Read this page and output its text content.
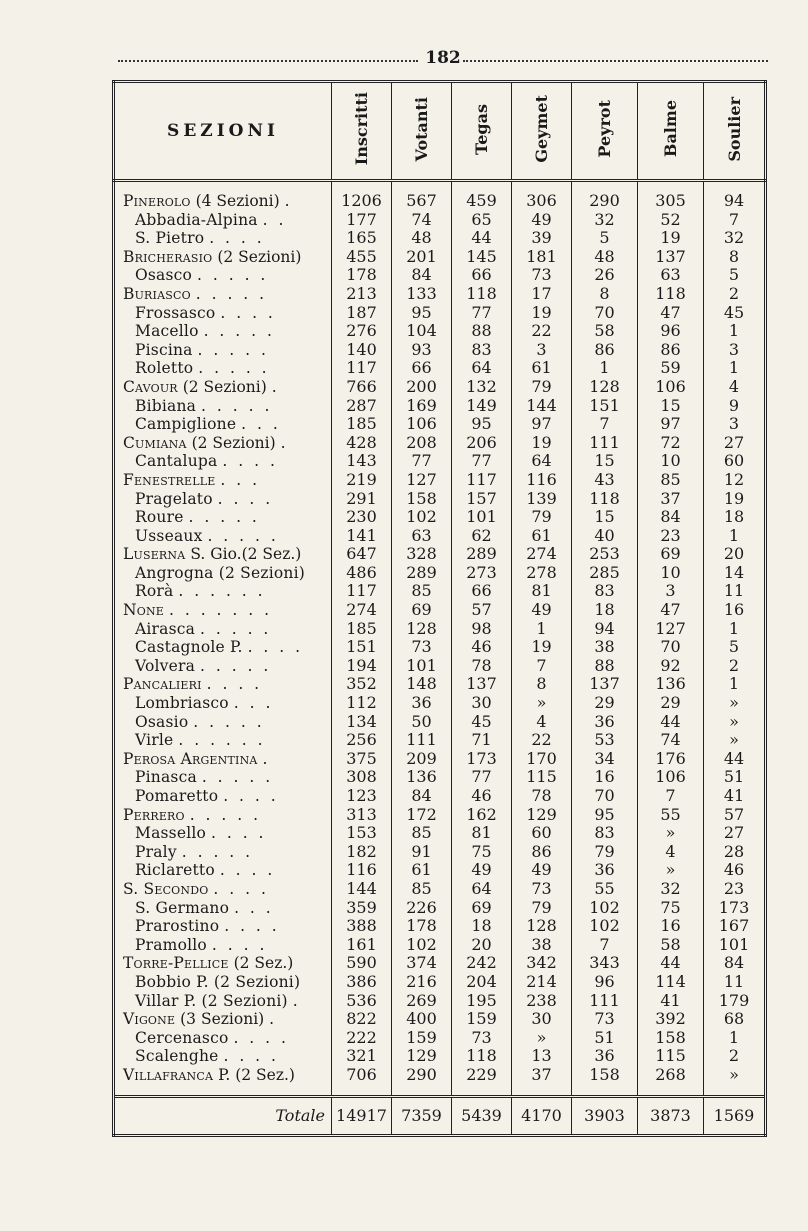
182
SEZIONI	Inscritti	Votanti	Tegas	Geymet	Peyrot	Balme	Soulier
Pinerolo (4 Sezioni) .	1206	567	459	306	290	305	94
Abbadia-Alpina . .	177	74	65	49	32	52	7
S. Pietro . . . .	165	48	44	39	5	19	32
Bricherasio (2 Sezioni)	455	201	145	181	48	137	8
Osasco . . . . .	178	84	66	73	26	63	5
Buriasco . . . . .	213	133	118	17	8	118	2
Frossasco . . . .	187	95	77	19	70	47	45
Macello . . . . .	276	104	88	22	58	96	1
Piscina . . . . .	140	93	83	3	86	86	3
Roletto . . . . .	117	66	64	61	1	59	1
Cavour (2 Sezioni) .	766	200	132	79	128	106	4
Bibiana . . . . .	287	169	149	144	151	15	9
Campiglione . . .	185	106	95	97	7	97	3
Cumiana (2 Sezioni) .	428	208	206	19	111	72	27
Cantalupa . . . .	143	77	77	64	15	10	60
Fenestrelle . . .	219	127	117	116	43	85	12
Pragelato . . . .	291	158	157	139	118	37	19
Roure . . . . .	230	102	101	79	15	84	18
Usseaux . . . . .	141	63	62	61	40	23	1
Luserna S. Gio.(2 Sez.)	647	328	289	274	253	69	20
Angrogna (2 Sezioni)	486	289	273	278	285	10	14
Rorà . . . . . .	117	85	66	81	83	3	11
None . . . . . . .	274	69	57	49	18	47	16
Airasca . . . . .	185	128	98	1	94	127	1
Castagnole P. . . . .	151	73	46	19	38	70	5
Volvera . . . . .	194	101	78	7	88	92	2
Pancalieri . . . .	352	148	137	8	137	136	1
Lombriasco . . .	112	36	30	»	29	29	»
Osasio . . . . .	134	50	45	4	36	44	»
Virle . . . . . .	256	111	71	22	53	74	»
Perosa Argentina .	375	209	173	170	34	176	44
Pinasca . . . . .	308	136	77	115	16	106	51
Pomaretto . . . .	123	84	46	78	70	7	41
Perrero . . . . .	313	172	162	129	95	55	57
Massello . . . .	153	85	81	60	83	»	27
Praly . . . . .	182	91	75	86	79	4	28
Riclaretto . . . .	116	61	49	49	36	»	46
S. Secondo . . . .	144	85	64	73	55	32	23
S. Germano . . .	359	226	69	79	102	75	173
Prarostino . . . .	388	178	18	128	102	16	167
Pramollo . . . .	161	102	20	38	7	58	101
Torre-Pellice (2 Sez.)	590	374	242	342	343	44	84
Bobbio P. (2 Sezioni)	386	216	204	214	96	114	11
Villar P. (2 Sezioni) .	536	269	195	238	111	41	179
Vigone (3 Sezioni) .	822	400	159	30	73	392	68
Cercenasco . . . .	222	159	73	»	51	158	1
Scalenghe . . . .	321	129	118	13	36	115	2
Villafranca P. (2 Sez.)	706	290	229	37	158	268	»

Totale	14917	7359	5439	4170	3903	3873	1569
